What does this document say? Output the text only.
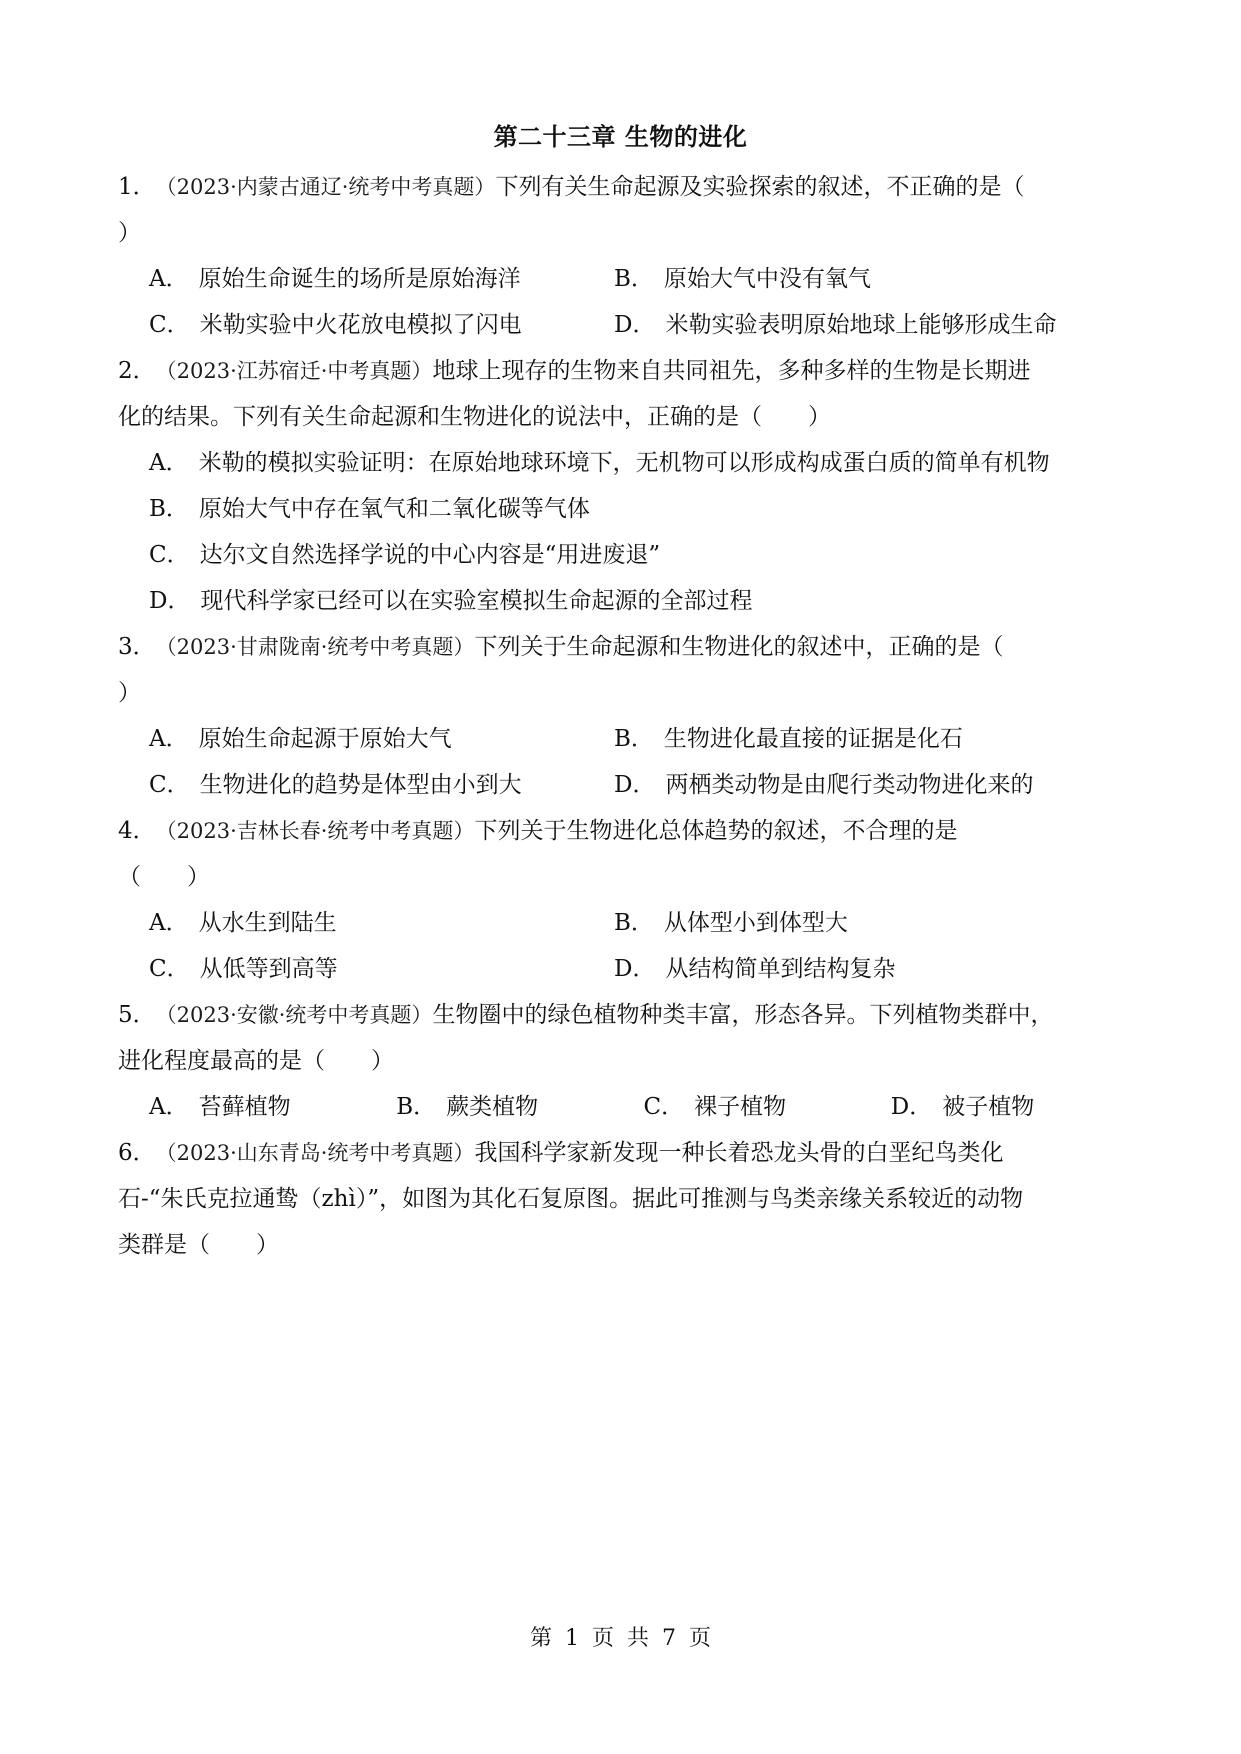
第二十三章 生物的进化
1．（2023·内蒙古通辽·统考中考真题）下列有关生命起源及实验探索的叙述，不正确的是（
）
A． 原始生命诞生的场所是原始海洋	B． 原始大气中没有氧气
C． 米勒实验中火花放电模拟了闪电	D． 米勒实验表明原始地球上能够形成生命
2．（2023·江苏宿迁·中考真题）地球上现存的生物来自共同祖先，多种多样的生物是长期进
化的结果。下列有关生命起源和生物进化的说法中，正确的是（　　）
A． 米勒的模拟实验证明：在原始地球环境下，无机物可以形成构成蛋白质的简单有机物
B． 原始大气中存在氧气和二氧化碳等气体
C． 达尔文自然选择学说的中心内容是“用进废退”
D． 现代科学家已经可以在实验室模拟生命起源的全部过程
3．（2023·甘肃陇南·统考中考真题）下列关于生命起源和生物进化的叙述中，正确的是（
）
A． 原始生命起源于原始大气	B． 生物进化最直接的证据是化石
C． 生物进化的趋势是体型由小到大	D． 两栖类动物是由爬行类动物进化来的
4．（2023·吉林长春·统考中考真题）下列关于生物进化总体趋势的叙述，不合理的是
（　　）
A． 从水生到陆生	B． 从体型小到体型大
C． 从低等到高等	D． 从结构简单到结构复杂
5．（2023·安徽·统考中考真题）生物圈中的绿色植物种类丰富，形态各异。下列植物类群中，
进化程度最高的是（　　）
A． 苔藓植物	B． 蕨类植物	C． 裸子植物	D． 被子植物
6．（2023·山东青岛·统考中考真题）我国科学家新发现一种长着恐龙头骨的白垩纪鸟类化
石-“朱氏克拉通鸷（zhì）”，如图为其化石复原图。据此可推测与鸟类亲缘关系较近的动物
类群是（　　）
第 1 页 共 7 页
